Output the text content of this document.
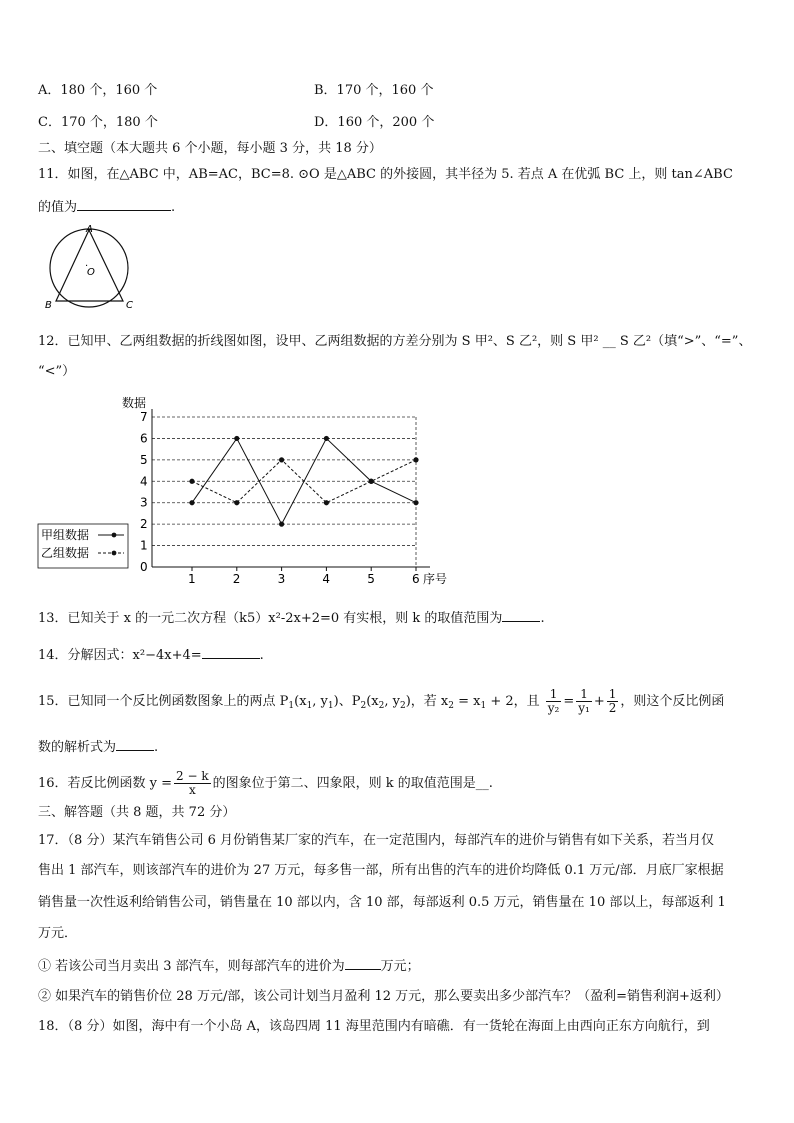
A．180 个，160 个	B．170 个，160 个
C．170 个，180 个	D．160 个，200 个
二、填空题（本大题共 6 个小题，每小题 3 分，共 18 分）
11．如图，在△ABC 中，AB=AC，BC=8. ⊙O 是△ABC 的外接圆，其半径为 5. 若点 A 在优弧 BC 上，则 tan∠ABC
的值为	.
A
B	C
O
·
12．已知甲、乙两组数据的折线图如图，设甲、乙两组数据的方差分别为 S 甲²、S 乙²，则 S 甲² __ S 乙²（填“>”、“=”、
“<”）
数据
序号
0
1
2
3
4
5
6
7
1	2	3	4	5	6
甲组数据
乙组数据
13．已知关于 x 的一元二次方程（k5）x²-2x+2=0 有实根，则 k 的取值范围为	.
14．分解因式：x²−4x+4=	.
15．已知同一个反比例函数图象上的两点 $P_1(x_1$, $y_1$)、$P_2(x_2$, $y_2$)，若 $x_2 = x_1 + 2$，且 $\frac{1}{\text{y₂}} = \frac{1}{\text{y₁}} + \frac{1}{2}$ ，则这个反比例函
数的解析式为	.
16．若反比例函数 $y = \frac{2 - k}{x}$ 的图象位于第二、四象限，则 k 的取值范围是__.
三、解答题（共 8 题，共 72 分）
17．（8 分）某汽车销售公司 6 月份销售某厂家的汽车，在一定范围内，每部汽车的进价与销售有如下关系，若当月仅
售出 1 部汽车，则该部汽车的进价为 27 万元，每多售一部，所有出售的汽车的进价均降低 0.1 万元/部．月底厂家根据
销售量一次性返利给销售公司，销售量在 10 部以内，含 10 部，每部返利 0.5 万元，销售量在 10 部以上，每部返利 1
万元．
① 若该公司当月卖出 3 部汽车，则每部汽车的进价为	万元；
② 如果汽车的销售价位 28 万元/部，该公司计划当月盈利 12 万元，那么要卖出多少部汽车？（盈利=销售利润+返利）
18．（8 分）如图，海中有一个小岛 A，该岛四周 11 海里范围内有暗礁．有一货轮在海面上由西向正东方向航行，到
